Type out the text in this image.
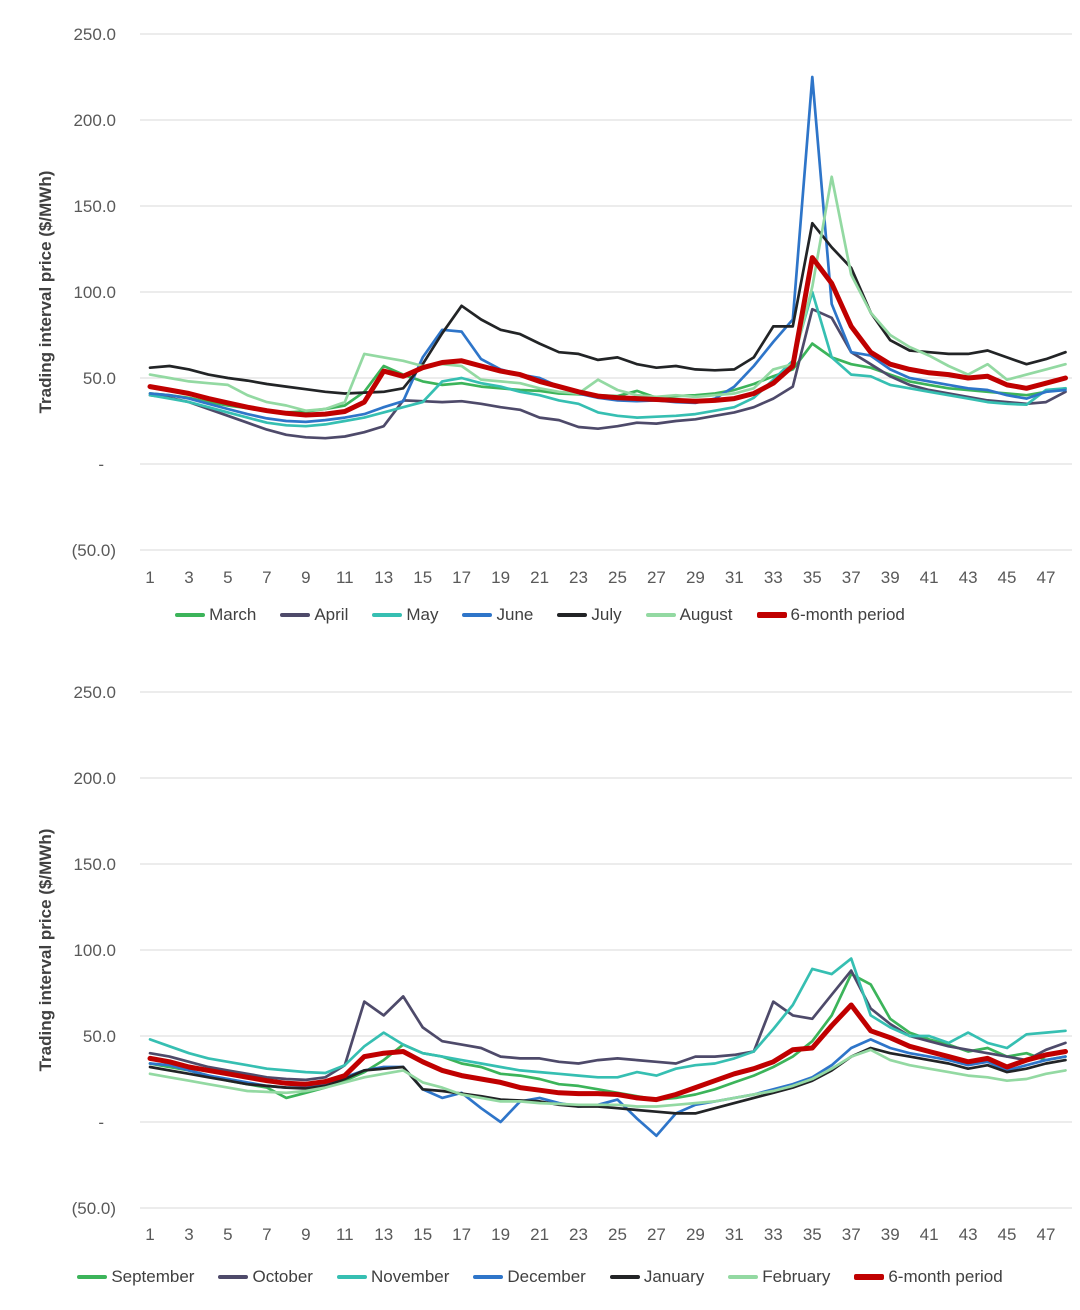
250.0
200.0
150.0
100.0
50.0
-
(50.0)
1 3 5 7 9 11 13 15 17 19 21 23 25 27 29 31 33 35 37 39 41 43 45 47
250.0
200.0
150.0
100.0
50.0
-
(50.0)
1 3 5 7 9 11 13 15 17 19 21 23 25 27 29 31 33 35 37 39 41 43 45 47
Trading interval price ($/MWh)
Trading interval price ($/MWh)
March	April	May	June	July	August	6-month period
September	October	November	December	January	February	6-month period
